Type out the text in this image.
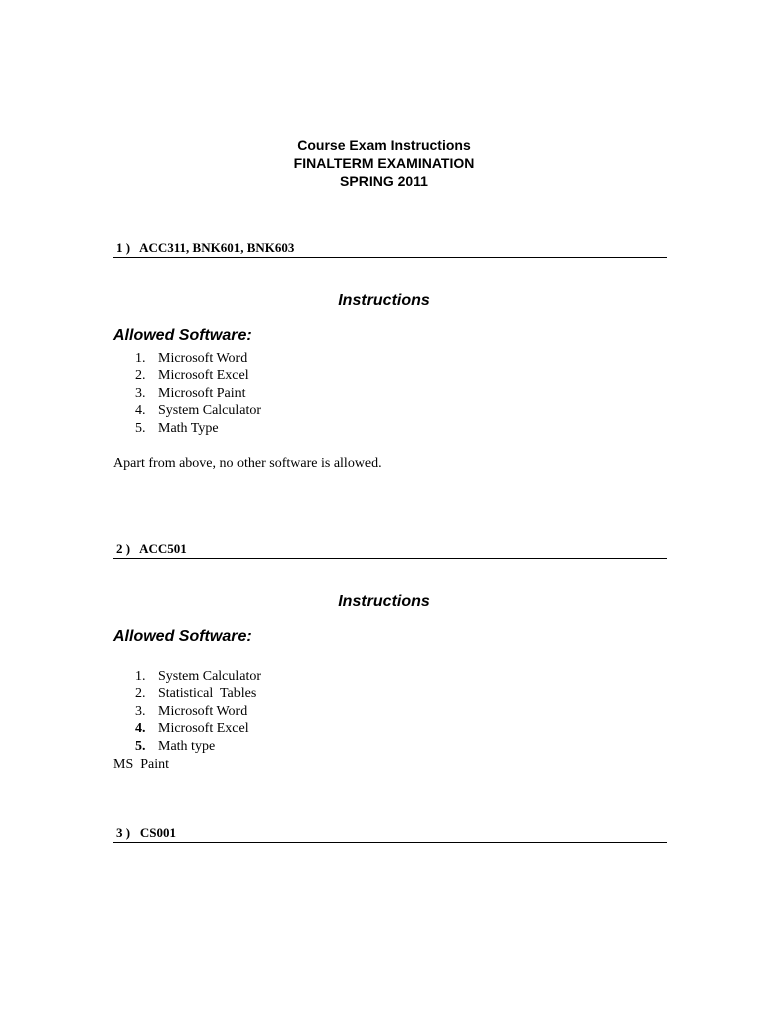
Course Exam Instructions
FINALTERM EXAMINATION
SPRING 2011
1 )   ACC311, BNK601, BNK603
Instructions
Allowed Software:
1. Microsoft Word
2. Microsoft Excel
3. Microsoft Paint
4. System Calculator
5. Math Type
Apart from above, no other software is allowed.
2 )   ACC501
Instructions
Allowed Software:
1. System Calculator
2. Statistical  Tables
3. Microsoft Word
4. Microsoft Excel
5. Math type
MS  Paint
3 )   CS001
